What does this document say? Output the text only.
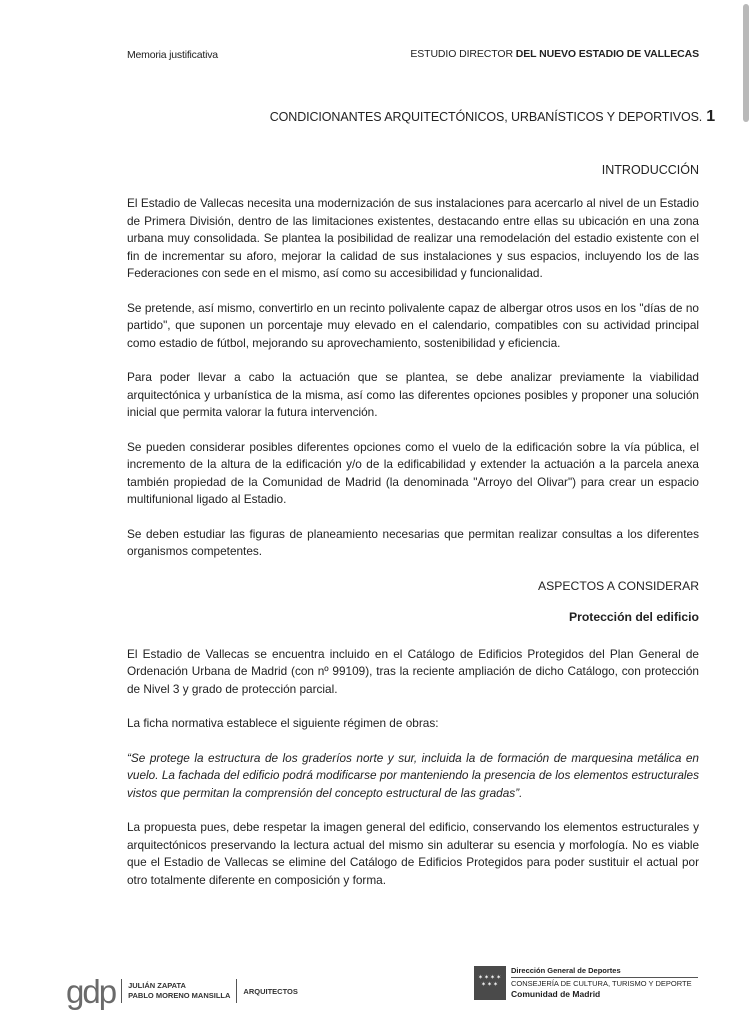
Memoria justificativa	ESTUDIO DIRECTOR DEL NUEVO ESTADIO DE VALLECAS
CONDICIONANTES ARQUITECTÓNICOS, URBANÍSTICOS Y DEPORTIVOS. 1
INTRODUCCIÓN

El Estadio de Vallecas necesita una modernización de sus instalaciones para acercarlo al nivel de un Estadio de Primera División, dentro de las limitaciones existentes, destacando entre ellas su ubicación en una zona urbana muy consolidada. Se plantea la posibilidad de realizar una remodelación del estadio existente con el fin de incrementar su aforo, mejorar la calidad de sus instalaciones y sus espacios, incluyendo los de las Federaciones con sede en el mismo, así como su accesibilidad y funcionalidad.

Se pretende, así mismo, convertirlo en un recinto polivalente capaz de albergar otros usos en los "días de no partido", que suponen un porcentaje muy elevado en el calendario, compatibles con su actividad principal como estadio de fútbol, mejorando su aprovechamiento, sostenibilidad y eficiencia.

Para poder llevar a cabo la actuación que se plantea, se debe analizar previamente la viabilidad arquitectónica y urbanística de la misma, así como las diferentes opciones posibles y proponer una solución inicial que permita valorar la futura intervención.

Se pueden considerar posibles diferentes opciones como el vuelo de la edificación sobre la vía pública, el incremento de la altura de la edificación y/o de la edificabilidad y extender la actuación a la parcela anexa también propiedad de la Comunidad de Madrid (la denominada "Arroyo del Olivar") para crear un espacio multifunional ligado al Estadio.

Se deben estudiar las figuras de planeamiento necesarias que permitan realizar consultas a los diferentes organismos competentes.

ASPECTOS A CONSIDERAR

Protección del edificio

El Estadio de Vallecas se encuentra incluido en el Catálogo de Edificios Protegidos del Plan General de Ordenación Urbana de Madrid (con nº 99109), tras la reciente ampliación de dicho Catálogo, con protección de Nivel 3 y grado de protección parcial.

La ficha normativa establece el siguiente régimen de obras:

“Se protege la estructura de los graderíos norte y sur, incluida la de formación de marquesina metálica en vuelo. La fachada del edificio podrá modificarse por manteniendo la presencia de los elementos estructurales vistos que permitan la comprensión del concepto estructural de las gradas”.

La propuesta pues, debe respetar la imagen general del edificio, conservando los elementos estructurales y arquitectónicos preservando la lectura actual del mismo sin adulterar su esencia y morfología. No es viable que el Estadio de Vallecas se elimine del Catálogo de Edificios Protegidos para poder sustituir el actual por otro totalmente diferente en composición y forma.

gdp JULIÁN ZAPATA
PABLO MORENO MANSILLA ARQUITECTOS
✶✶✶✶
✶✶✶
Dirección General de Deportes
CONSEJERÍA DE CULTURA, TURISMO Y DEPORTE
Comunidad de Madrid
